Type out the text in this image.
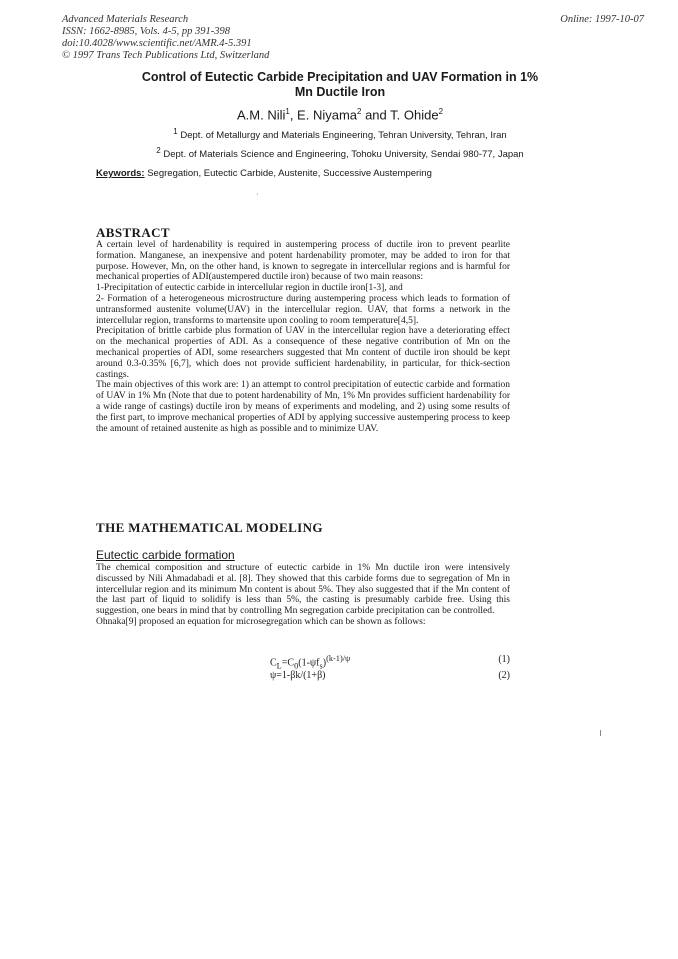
Advanced Materials Research
ISSN: 1662-8985, Vols. 4-5, pp 391-398
doi:10.4028/www.scientific.net/AMR.4-5.391
© 1997 Trans Tech Publications Ltd, Switzerland
Online: 1997-10-07
Control of Eutectic Carbide Precipitation and UAV Formation in 1%
Mn Ductile Iron
A.M. Nili$^1$, E. Niyama$^2$ and T. Ohide$^2$
$^1$ Dept. of Metallurgy and Materials Engineering, Tehran University, Tehran, Iran
$^2$ Dept. of Materials Science and Engineering, Tohoku University, Sendai 980-77, Japan
Keywords: Segregation, Eutectic Carbide, Austenite, Successive Austempering
·
ABSTRACT

A certain level of hardenability is required in austempering process of ductile iron to prevent pearlite formation. Manganese, an inexpensive and potent hardenability promoter, may be added to iron for that purpose. However, Mn, on the other hand, is known to segregate in intercellular regions and is harmful for mechanical properties of ADI(austempered ductile iron) because of two main reasons:

1-Precipitation of eutectic carbide in intercellular region in ductile iron[1-3], and

2- Formation of a heterogeneous microstructure during austempering process which leads to formation of untransformed austenite volume(UAV) in the intercellular region. UAV, that forms a network in the intercellular region, transforms to martensite upon cooling to room temperature[4,5].

Precipitation of brittle carbide plus formation of UAV in the intercellular region have a deteriorating effect on the mechanical properties of ADI. As a consequence of these negative contribution of Mn on the mechanical properties of ADI, some researchers suggested that Mn content of ductile iron should be kept around 0.3-0.35% [6,7], which does not provide sufficient hardenability, in particular, for thick-section castings.

The main objectives of this work are: 1) an attempt to control precipitation of eutectic carbide and formation of UAV in 1% Mn (Note that due to potent hardenability of Mn, 1% Mn provides sufficient hardenability for a wide range of castings) ductile iron by means of experiments and modeling, and 2) using some results of the first part, to improve mechanical properties of ADI by applying successive austempering process to keep the amount of retained austenite as high as possible and to minimize UAV.

THE MATHEMATICAL MODELING
Eutectic carbide formation

The chemical composition and structure of eutectic carbide in 1% Mn ductile iron were intensively discussed by Nili Ahmadabadi et al. [8]. They showed that this carbide forms due to segregation of Mn in intercellular region and its minimum Mn content is about 5%. They also suggested that if the Mn content of the last part of liquid to solidify is less than 5%, the casting is presumably carbide free. Using this suggestion, one bears in mind that by controlling Mn segregation carbide precipitation can be controlled.

Ohnaka[9] proposed an equation for microsegregation which can be shown as follows:

$C_L=C_0(1-\psi f_s)^{(k-1)/\psi}$	(1)
ψ=1-βk/(1+β)	(2)
